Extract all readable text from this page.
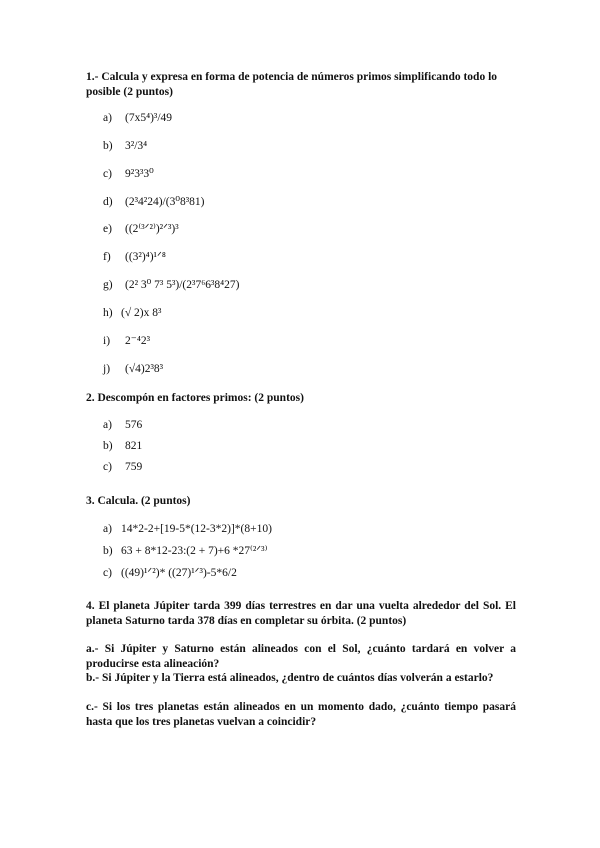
1.- Calcula y expresa en forma de potencia de números primos simplificando todo lo posible (2 puntos)
a) (7x5⁴)³/49
b) 3²/3⁴
c) 9²3³3⁰
d) (2³4²24)/(3⁰8³81)
e) ((2⁽³ᐟ²⁾)²ᐟ³)³
f) ((3²)⁴)¹ᐟ⁸
g) (2² 3⁰ 7³ 5³)/(2³7⁶6³8⁴27)
h) (√ 2)x 8³
i) 2⁻⁴2³
j) (√4)2³8³
2. Descompón en factores primos: (2 puntos)
a) 576
b) 821
c) 759
3. Calcula. (2 puntos)
a) 14*2-2+[19-5*(12-3*2)]*(8+10)
b) 63 + 8*12-23:(2 + 7)+6 *27⁽²ᐟ³⁾
c) ((49)¹ᐟ²)* ((27)¹ᐟ³)-5*6/2
4. El planeta Júpiter tarda 399 días terrestres en dar una vuelta alrededor del Sol. El planeta Saturno tarda 378 días en completar su órbita. (2 puntos)
a.- Si Júpiter y Saturno están alineados con el Sol, ¿cuánto tardará en volver a producirse esta alineación?
b.- Si Júpiter y la Tierra está alineados, ¿dentro de cuántos días volverán a estarlo?
c.- Si los tres planetas están alineados en un momento dado, ¿cuánto tiempo pasará hasta que los tres planetas vuelvan a coincidir?
